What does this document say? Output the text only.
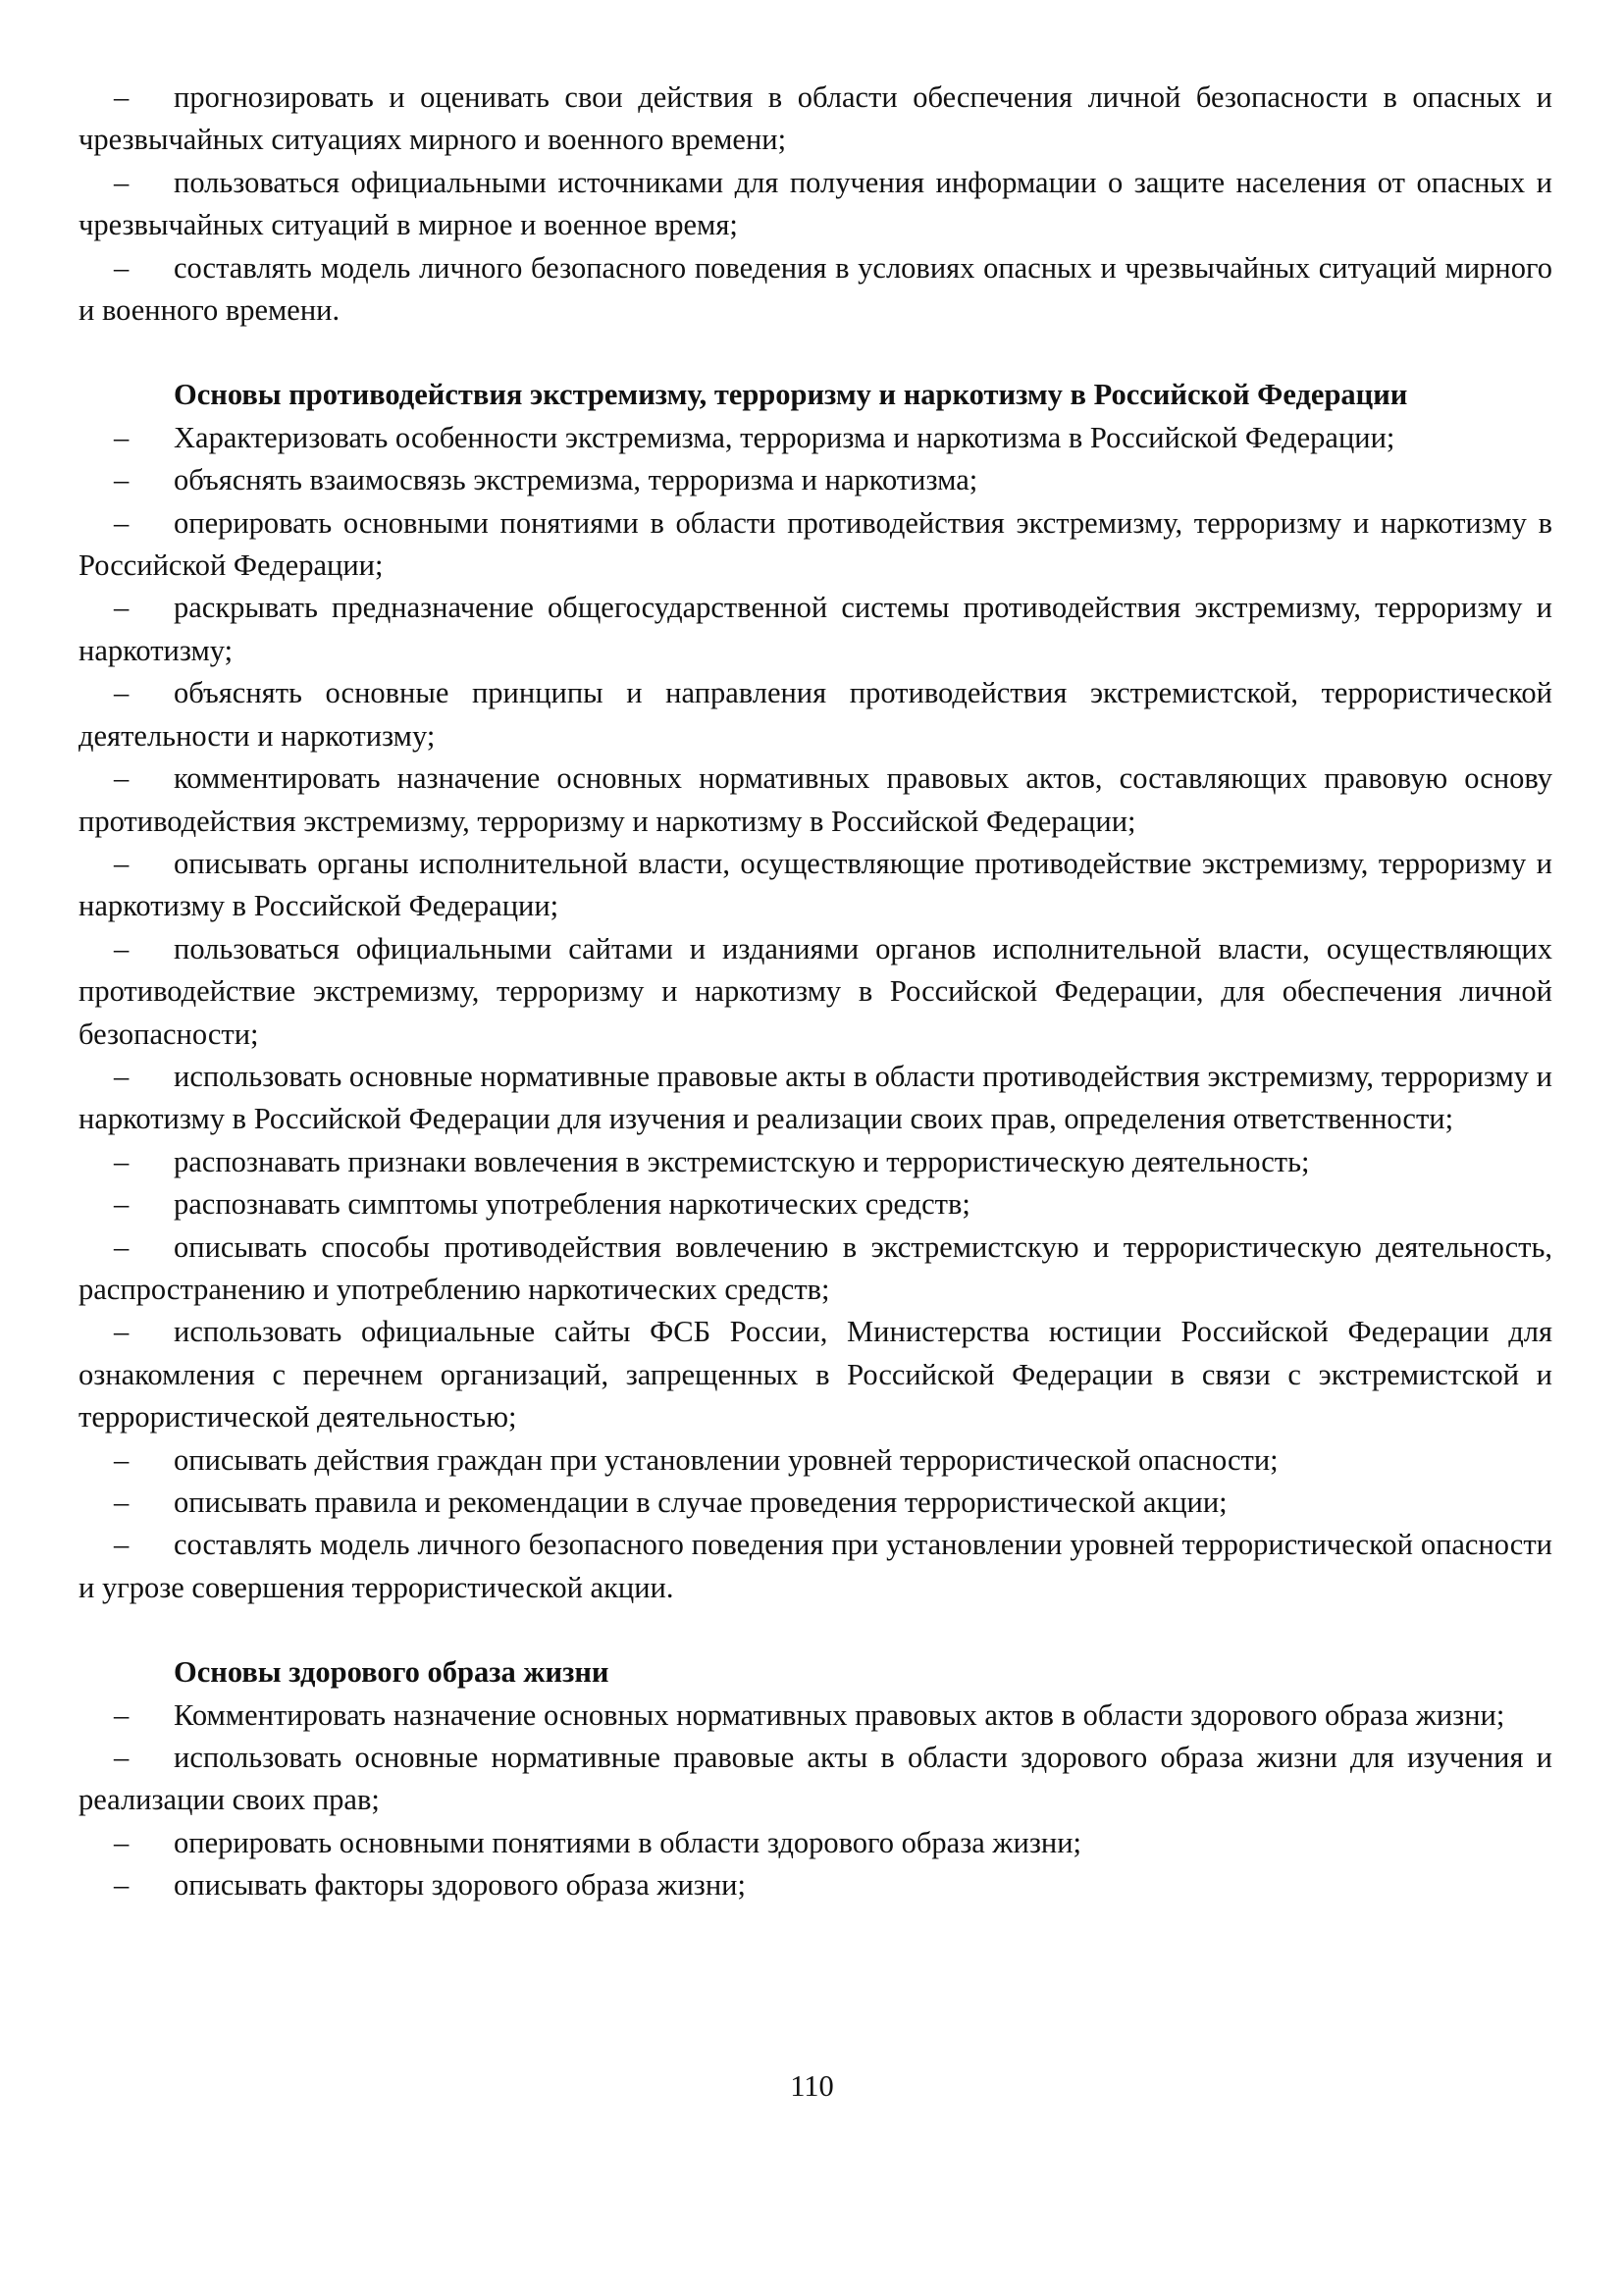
– прогнозировать и оценивать свои действия в области обеспечения личной безопасности в опасных и чрезвычайных ситуациях мирного и военного времени;

– пользоваться официальными источниками для получения информации о защите населения от опасных и чрезвычайных ситуаций в мирное и военное время;

– составлять модель личного безопасного поведения в условиях опасных и чрезвычайных ситуаций мирного и военного времени.

Основы противодействия экстремизму, терроризму и наркотизму в Российской Федерации

– Характеризовать особенности экстремизма, терроризма и наркотизма в Российской Федерации;

– объяснять взаимосвязь экстремизма, терроризма и наркотизма;

– оперировать основными понятиями в области противодействия экстремизму, терроризму и наркотизму в Российской Федерации;

– раскрывать предназначение общегосударственной системы противодействия экстремизму, терроризму и наркотизму;

– объяснять основные принципы и направления противодействия экстремистской, террористической деятельности и наркотизму;

– комментировать назначение основных нормативных правовых актов, составляющих правовую основу противодействия экстремизму, терроризму и наркотизму в Российской Федерации;

– описывать органы исполнительной власти, осуществляющие противодействие экстремизму, терроризму и наркотизму в Российской Федерации;

– пользоваться официальными сайтами и изданиями органов исполнительной власти, осуществляющих противодействие экстремизму, терроризму и наркотизму в Российской Федерации, для обеспечения личной безопасности;

– использовать основные нормативные правовые акты в области противодействия экстремизму, терроризму и наркотизму в Российской Федерации для изучения и реализации своих прав, определения ответственности;

– распознавать признаки вовлечения в экстремистскую и террористическую деятельность;

– распознавать симптомы употребления наркотических средств;

– описывать способы противодействия вовлечению в экстремистскую и террористическую деятельность, распространению и употреблению наркотических средств;

– использовать официальные сайты ФСБ России, Министерства юстиции Российской Федерации для ознакомления с перечнем организаций, запрещенных в Российской Федерации в связи с экстремистской и террористической деятельностью;

– описывать действия граждан при установлении уровней террористической опасности;

– описывать правила и рекомендации в случае проведения террористической акции;

– составлять модель личного безопасного поведения при установлении уровней террористической опасности и угрозе совершения террористической акции.

Основы здорового образа жизни

– Комментировать назначение основных нормативных правовых актов в области здорового образа жизни;

– использовать основные нормативные правовые акты в области здорового образа жизни для изучения и реализации своих прав;

– оперировать основными понятиями в области здорового образа жизни;

– описывать факторы здорового образа жизни;

110
